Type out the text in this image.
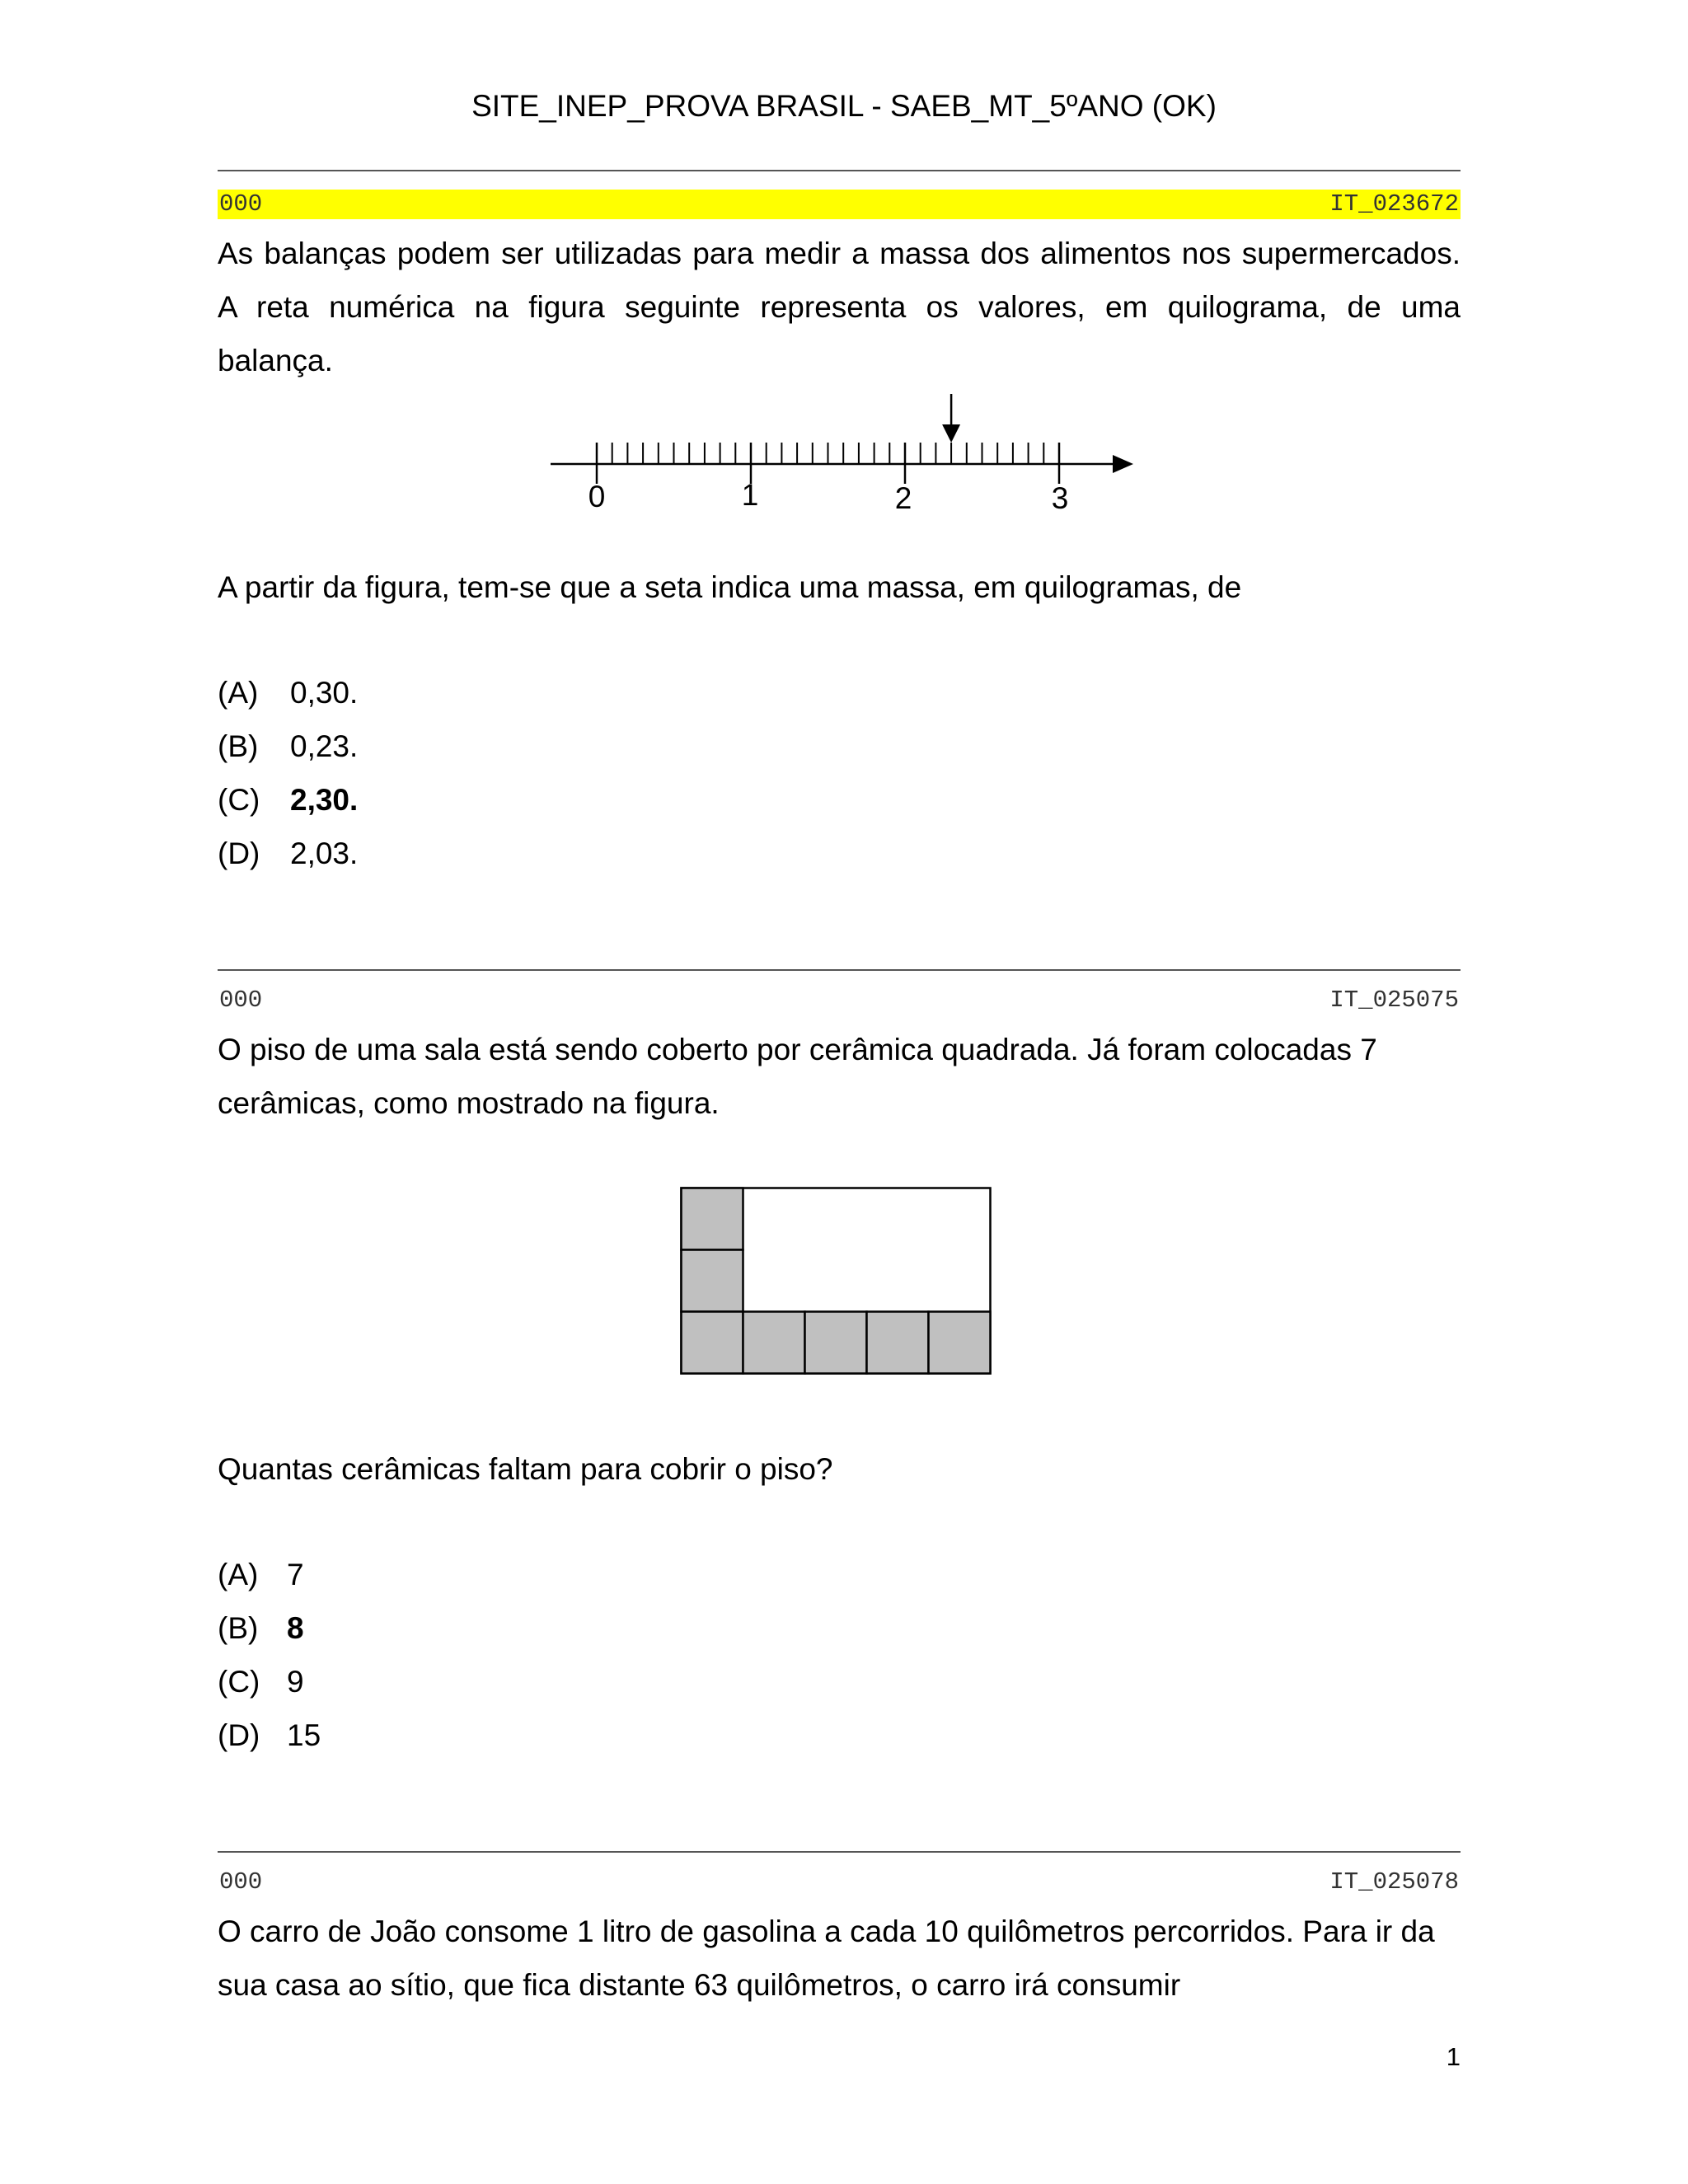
SITE_INEP_PROVA BRASIL - SAEB_MT_5ºANO (OK)
000	IT_023672
As balanças podem ser utilizadas para medir a massa dos alimentos nos supermercados.
A reta numérica na figura seguinte representa os valores, em quilograma, de uma
balança.
0	1	2	3
A partir da figura, tem-se que a seta indica uma massa, em quilogramas, de
(A) 0,30.
(B) 0,23.
(C) 2,30.
(D) 2,03.
000	IT_025075
O piso de uma sala está sendo coberto por cerâmica quadrada. Já foram colocadas 7
cerâmicas, como mostrado na figura.
Quantas cerâmicas faltam para cobrir o piso?
(A) 7
(B) 8
(C) 9
(D) 15
000	IT_025078
O carro de João consome 1 litro de gasolina a cada 10 quilômetros percorridos. Para ir da
sua casa ao sítio, que fica distante 63 quilômetros, o carro irá consumir
1
